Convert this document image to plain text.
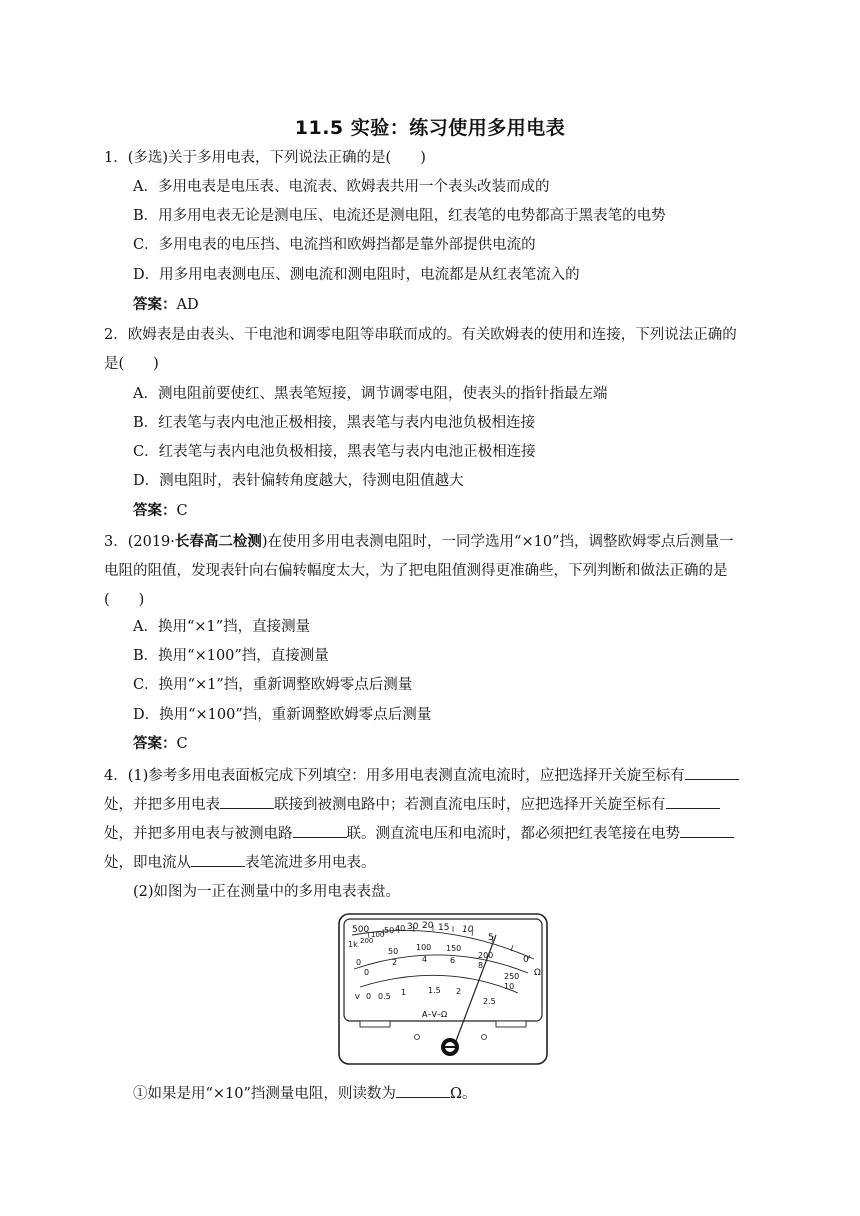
11.5 实验：练习使用多用电表
1．(多选)关于多用电表，下列说法正确的是(　　)
A．多用电表是电压表、电流表、欧姆表共用一个表头改装而成的
B．用多用电表无论是测电压、电流还是测电阻，红表笔的电势都高于黑表笔的电势
C．多用电表的电压挡、电流挡和欧姆挡都是靠外部提供电流的
D．用多用电表测电压、测电流和测电阻时，电流都是从红表笔流入的
答案：AD
2．欧姆表是由表头、干电池和调零电阻等串联而成的。有关欧姆表的使用和连接，下列说法正确的
是(　　)
A．测电阻前要使红、黑表笔短接，调节调零电阻，使表头的指针指最左端
B．红表笔与表内电池正极相接，黑表笔与表内电池负极相连接
C．红表笔与表内电池负极相接，黑表笔与表内电池正极相连接
D．测电阻时，表针偏转角度越大，待测电阻值越大
答案：C
3．(2019·长春高二检测)在使用多用电表测电阻时，一同学选用“×10”挡，调整欧姆零点后测量一
电阻的阻值，发现表针向右偏转幅度太大，为了把电阻值测得更准确些，下列判断和做法正确的是
(　　)
A．换用“×1”挡，直接测量
B．换用“×100”挡，直接测量
C．换用“×1”挡，重新调整欧姆零点后测量
D．换用“×100”挡，重新调整欧姆零点后测量
答案：C
4．(1)参考多用电表面板完成下列填空：用多用电表测直流电流时，应把选择开关旋至标有
处，并把多用电表	联接到被测电路中；若测直流电压时，应把选择开关旋至标有
处，并把多用电表与被测电路	联。测直流电压和电流时，都必须把红表笔接在电势
处，即电流从	表笔流进多用电表。
(2)如图为一正在测量中的多用电表表盘。
500
1k 200
100 50 40 30 20 15 10
5
0
Ω
0
50 100 150
200
250
0
2	4	6
8
10
0 0.5 1	1.5 2
2.5
V
A–V–Ω
①如果是用“×10”挡测量电阻，则读数为	Ω。
